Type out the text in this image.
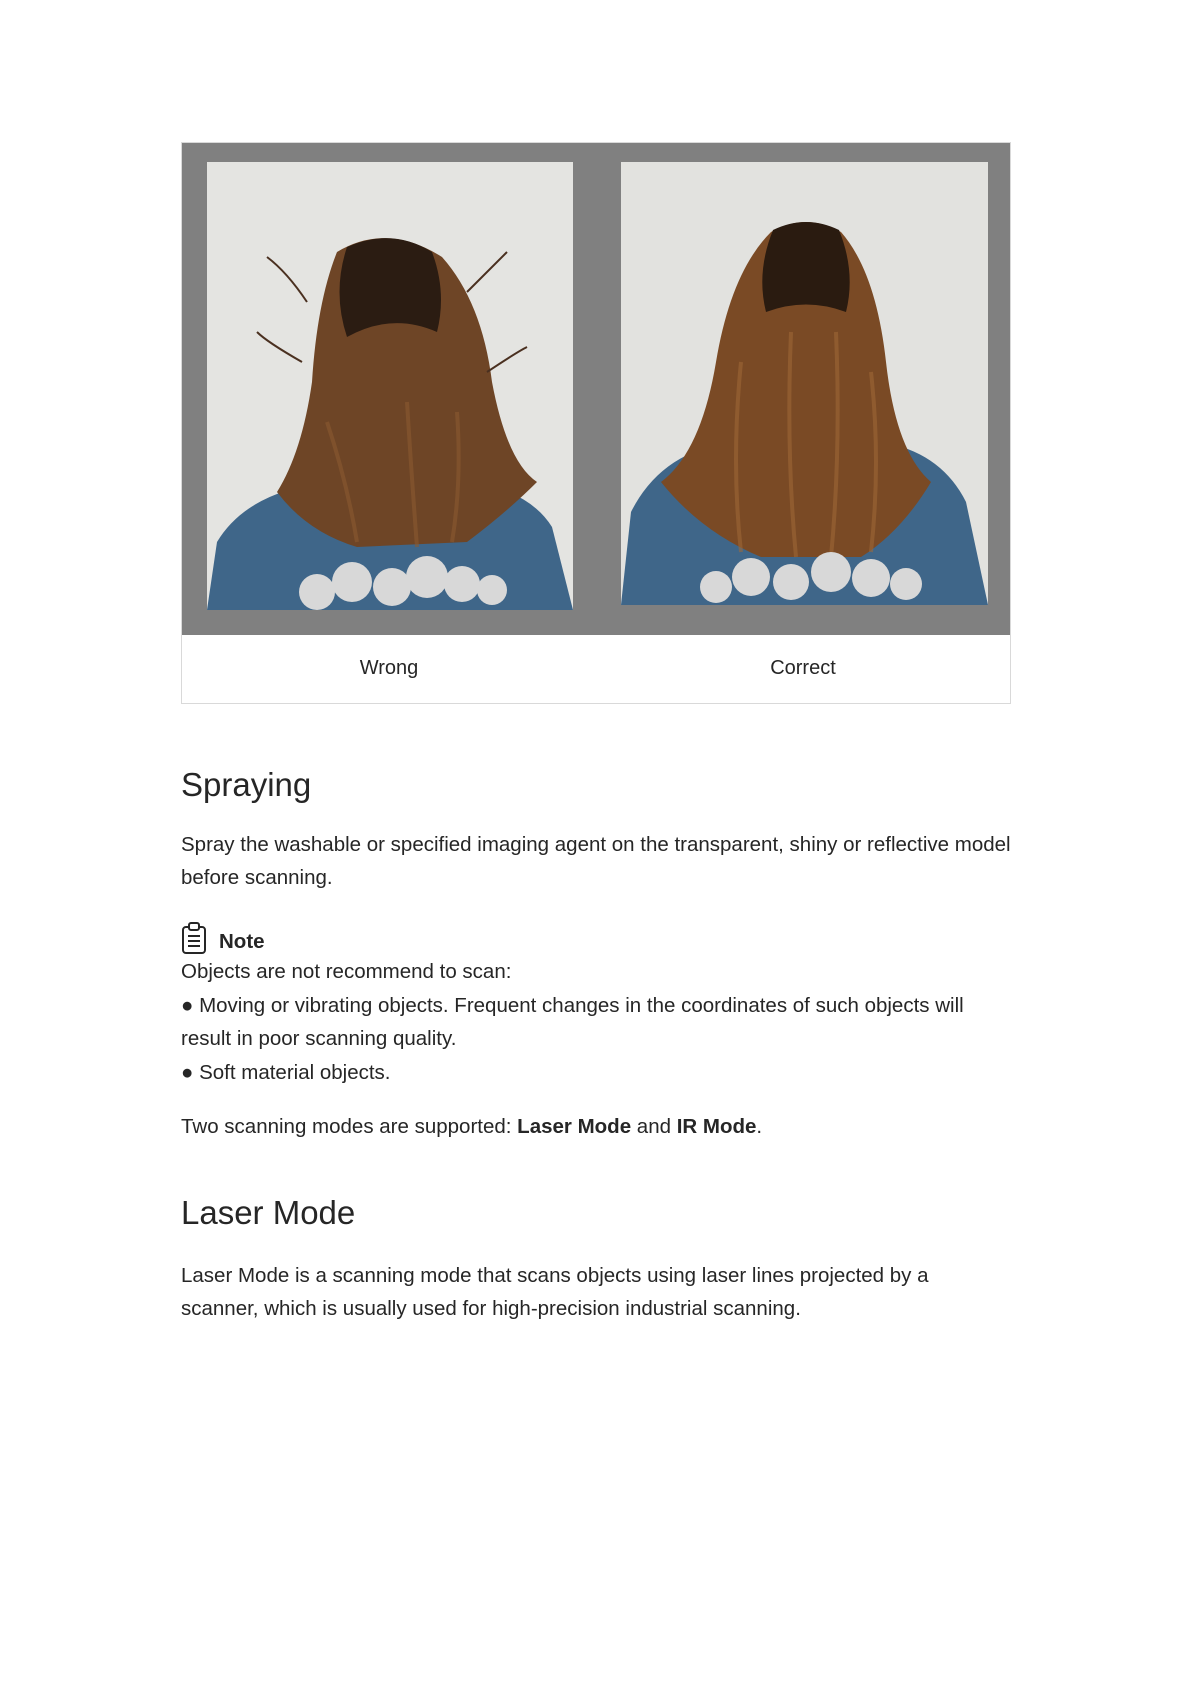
Wrong	Correct
Spraying

Spray the washable or specified imaging agent on the transparent, shiny or reflective model before scanning.

Note

Objects are not recommend to scan:

● Moving or vibrating objects. Frequent changes in the coordinates of such objects will result in poor scanning quality.

● Soft material objects.

Two scanning modes are supported: Laser Mode and IR Mode.

Laser Mode

Laser Mode is a scanning mode that scans objects using laser lines projected by a scanner, which is usually used for high-precision industrial scanning.
